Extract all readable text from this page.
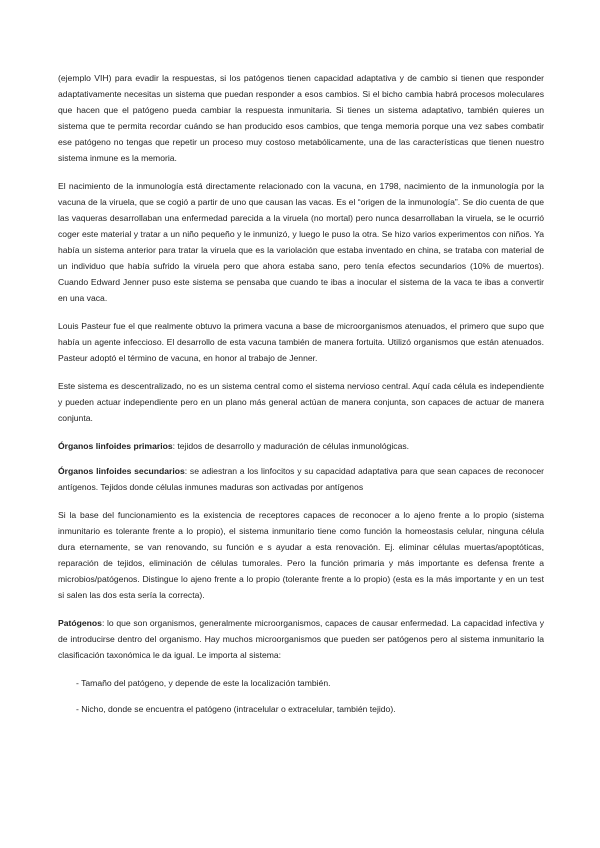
(ejemplo VIH) para evadir la respuestas, si los patógenos tienen capacidad adaptativa y de cambio si tienen que responder adaptativamente necesitas un sistema que puedan responder a esos cambios. Si el bicho cambia habrá procesos moleculares que hacen que el patógeno pueda cambiar la respuesta inmunitaria. Si tienes un sistema adaptativo, también quieres un sistema que te permita recordar cuándo se han producido esos cambios, que tenga memoria porque una vez sabes combatir ese patógeno no tengas que repetir un proceso muy costoso metabólicamente, una de las características que tienen nuestro sistema inmune es la memoria.

El nacimiento de la inmunología está directamente relacionado con la vacuna, en 1798, nacimiento de la inmunología por la vacuna de la viruela, que se cogió a partir de uno que causan las vacas. Es el “origen de la inmunología”. Se dio cuenta de que las vaqueras desarrollaban una enfermedad parecida a la viruela (no mortal) pero nunca desarrollaban la viruela, se le ocurrió coger este material y tratar a un niño pequeño y le inmunizó, y luego le puso la otra. Se hizo varios experimentos con niños. Ya había un sistema anterior para tratar la viruela que es la variolación que estaba inventado en china, se trataba con material de un individuo que había sufrido la viruela pero que ahora estaba sano, pero tenía efectos secundarios (10% de muertos). Cuando Edward Jenner puso este sistema se pensaba que cuando te ibas a inocular el sistema de la vaca te ibas a convertir en una vaca.

Louis Pasteur fue el que realmente obtuvo la primera vacuna a base de microorganismos atenuados, el primero que supo que había un agente infeccioso. El desarrollo de esta vacuna también de manera fortuita. Utilizó organismos que están atenuados. Pasteur adoptó el término de vacuna, en honor al trabajo de Jenner.

Este sistema es descentralizado, no es un sistema central como el sistema nervioso central. Aquí cada célula es independiente y pueden actuar independiente pero en un plano más general actúan de manera conjunta, son capaces de actuar de manera conjunta.

Órganos linfoides primarios: tejidos de desarrollo y maduración de células inmunológicas.

Órganos linfoides secundarios: se adiestran a los linfocitos y su capacidad adaptativa para que sean capaces de reconocer antígenos. Tejidos donde células inmunes maduras son activadas por antígenos

Si la base del funcionamiento es la existencia de receptores capaces de reconocer a lo ajeno frente a lo propio (sistema inmunitario es tolerante frente a lo propio), el sistema inmunitario tiene como función la homeostasis celular, ninguna célula dura eternamente, se van renovando, su función e s ayudar a esta renovación. Ej. eliminar células muertas/apoptóticas, reparación de tejidos, eliminación de células tumorales. Pero la función primaria y más importante es defensa frente a microbios/patógenos. Distingue lo ajeno frente a lo propio (tolerante frente a lo propio) (esta es la más importante y en un test si salen las dos esta sería la correcta).

Patógenos: lo que son organismos, generalmente microorganismos, capaces de causar enfermedad. La capacidad infectiva y de introducirse dentro del organismo. Hay muchos microorganismos que pueden ser patógenos pero al sistema inmunitario la clasificación taxonómica le da igual. Le importa al sistema:

- Tamaño del patógeno, y depende de este la localización también.
- Nicho, donde se encuentra el patógeno (intracelular o extracelular, también tejido).
